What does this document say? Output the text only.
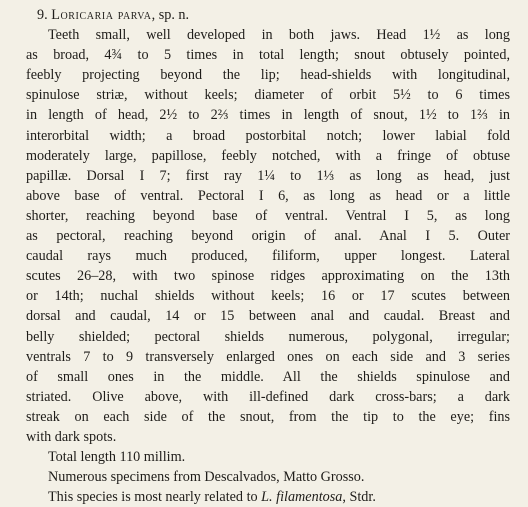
9. Loricaria parva, sp. n.
Teeth small, well developed in both jaws. Head 1½ as long
as broad, 4¾ to 5 times in total length; snout obtusely pointed,
feebly projecting beyond the lip; head-shields with longitudinal,
spinulose striæ, without keels; diameter of orbit 5½ to 6 times
in length of head, 2½ to 2⅔ times in length of snout, 1½ to 1⅔ in
interorbital width; a broad postorbital notch; lower labial fold
moderately large, papillose, feebly notched, with a fringe of obtuse
papillæ. Dorsal I 7; first ray 1¼ to 1⅓ as long as head, just
above base of ventral. Pectoral I 6, as long as head or a little
shorter, reaching beyond base of ventral. Ventral I 5, as long
as pectoral, reaching beyond origin of anal. Anal I 5. Outer
caudal rays much produced, filiform, upper longest. Lateral
scutes 26–28, with two spinose ridges approximating on the 13th
or 14th; nuchal shields without keels; 16 or 17 scutes between
dorsal and caudal, 14 or 15 between anal and caudal. Breast and
belly shielded; pectoral shields numerous, polygonal, irregular;
ventrals 7 to 9 transversely enlarged ones on each side and 3 series
of small ones in the middle. All the shields spinulose and
striated. Olive above, with ill-defined dark cross-bars; a dark
streak on each side of the snout, from the tip to the eye; fins
with dark spots.
Total length 110 millim.
Numerous specimens from Descalvados, Matto Grosso.
This species is most nearly related to L. filamentosa, Stdr.
